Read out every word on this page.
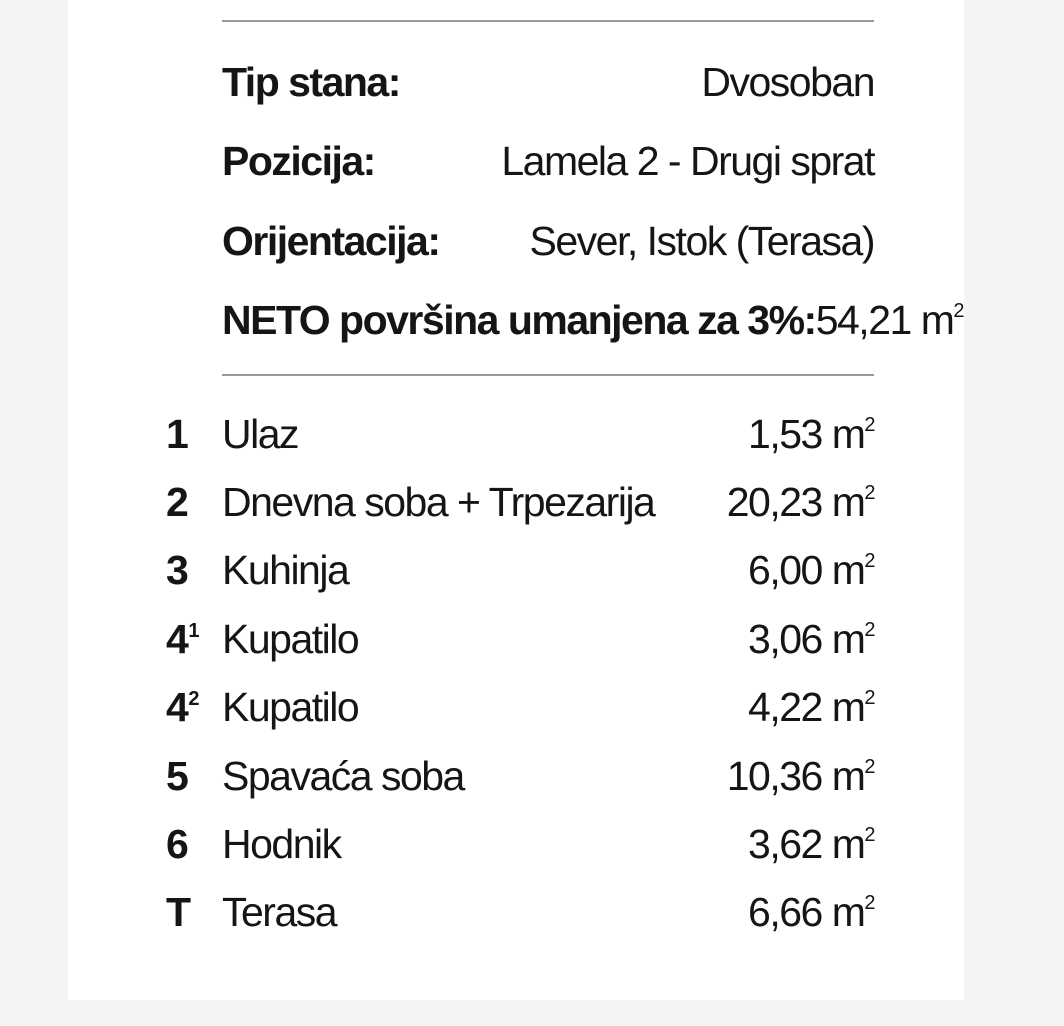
Tip stana:	Dvosoban
Pozicija:	Lamela 2 - Drugi sprat
Orijentacija: Sever, Istok (Terasa)
NETO površina umanjena za 3%: 54,21 $m^2$
1 Ulaz	1,53 $m^2$
2 Dnevna soba + Trpezarija	20,23 $m^2$
3 Kuhinja	6,00 $m^2$
$4^1$ Kupatilo	3,06 $m^2$
$4^2$ Kupatilo	4,22 $m^2$
5 Spavaća soba	10,36 $m^2$
6 Hodnik	3,62 $m^2$
T Terasa	6,66 $m^2$
